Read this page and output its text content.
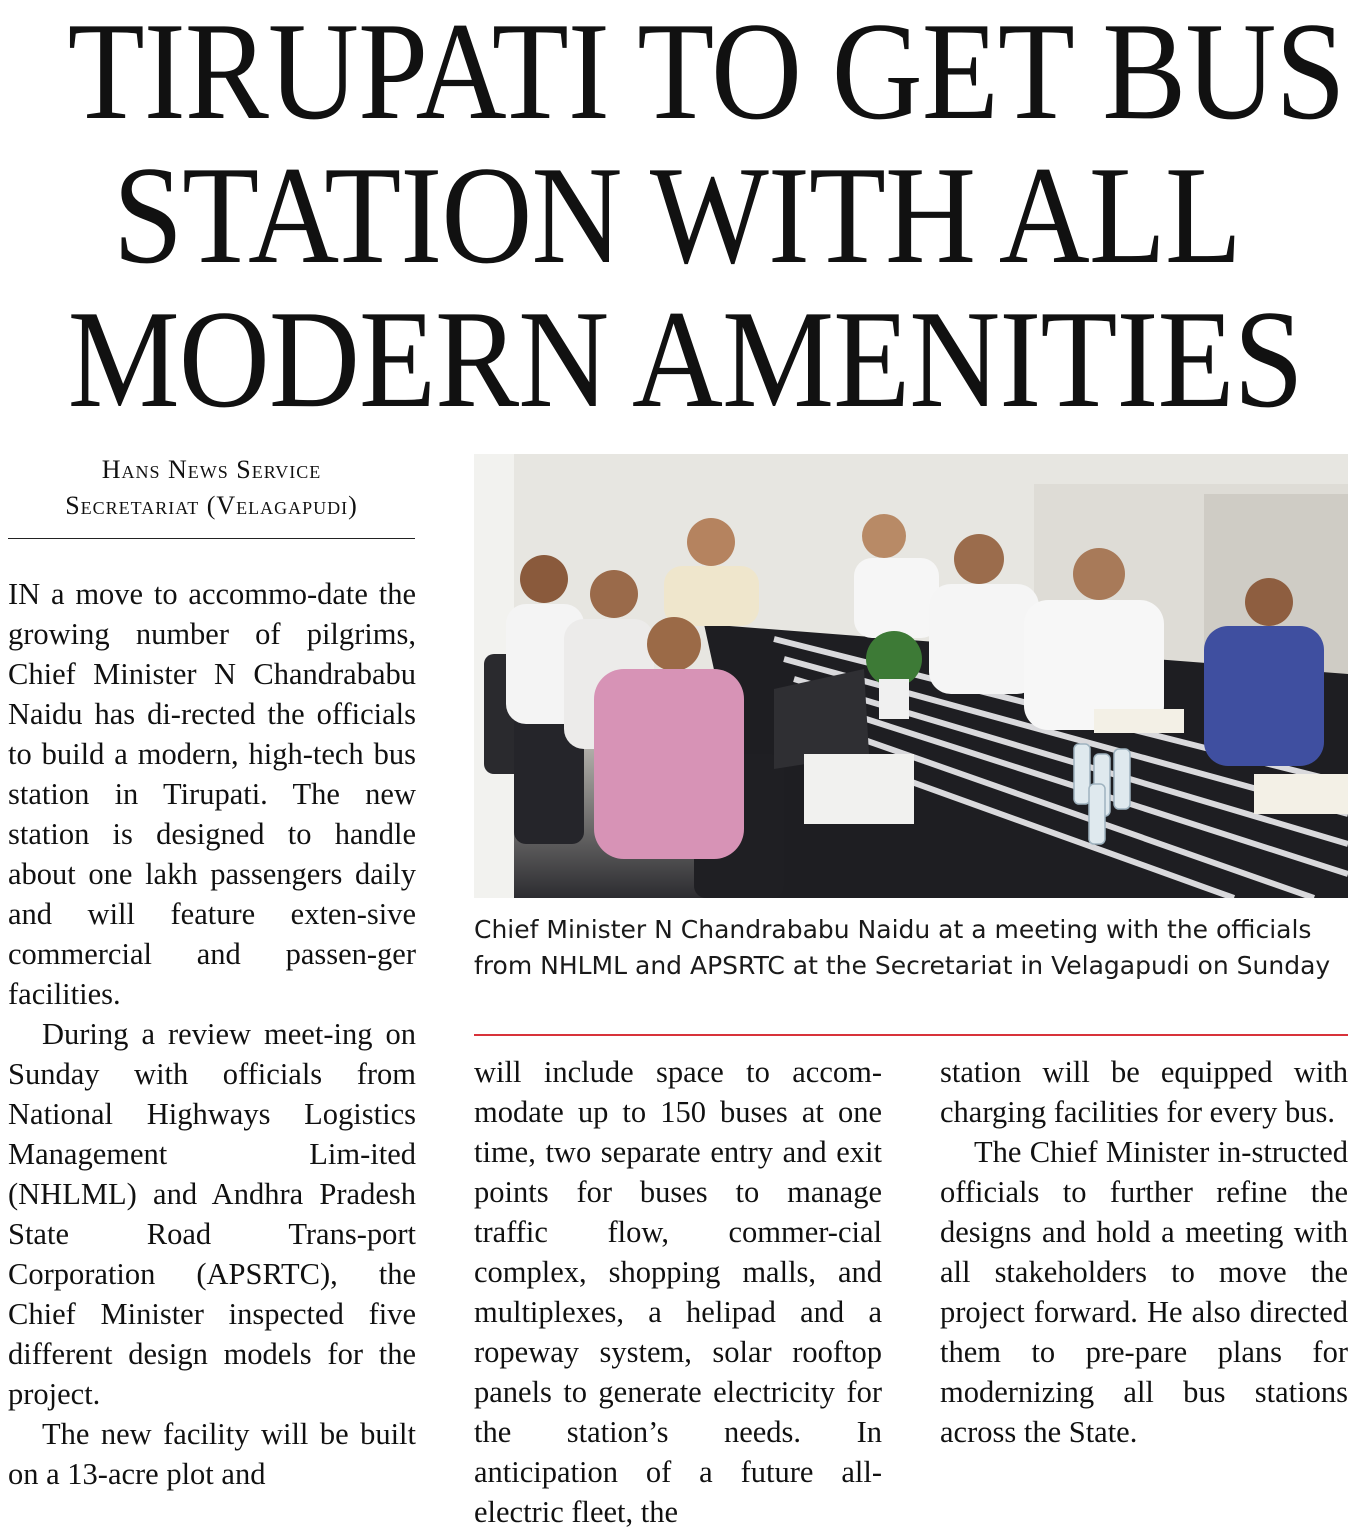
TIRUPATI TO GET BUS
STATION WITH ALL
MODERN AMENITIES
Hans News Service
Secretariat (Velagapudi)

IN a move to accommo-date the growing number of pilgrims, Chief Minister N Chandrababu Naidu has di-rected the officials to build a modern, high-tech bus station in Tirupati. The new station is designed to handle about one lakh passengers daily and will feature exten-sive commercial and passen-ger facilities.

During a review meet-ing on Sunday with officials from National Highways Logistics Management Lim-ited (NHLML) and Andhra Pradesh State Road Trans-port Corporation (APSRTC), the Chief Minister inspected five different design models for the project.

The new facility will be built on a 13-acre plot and

Chief Minister N Chandrababu Naidu at a meeting with the officials from NHLML and APSRTC at the Secretariat in Velagapudi on Sunday

will include space to accom-modate up to 150 buses at one time, two separate entry and exit points for buses to manage traffic flow, commer-cial complex, shopping malls, and multiplexes, a helipad and a ropeway system, solar rooftop panels to generate electricity for the station’s needs. In anticipation of a future all-electric fleet, the

station will be equipped with charging facilities for every bus.

The Chief Minister in-structed officials to further refine the designs and hold a meeting with all stakeholders to move the project forward. He also directed them to pre-pare plans for modernizing all bus stations across the State.
